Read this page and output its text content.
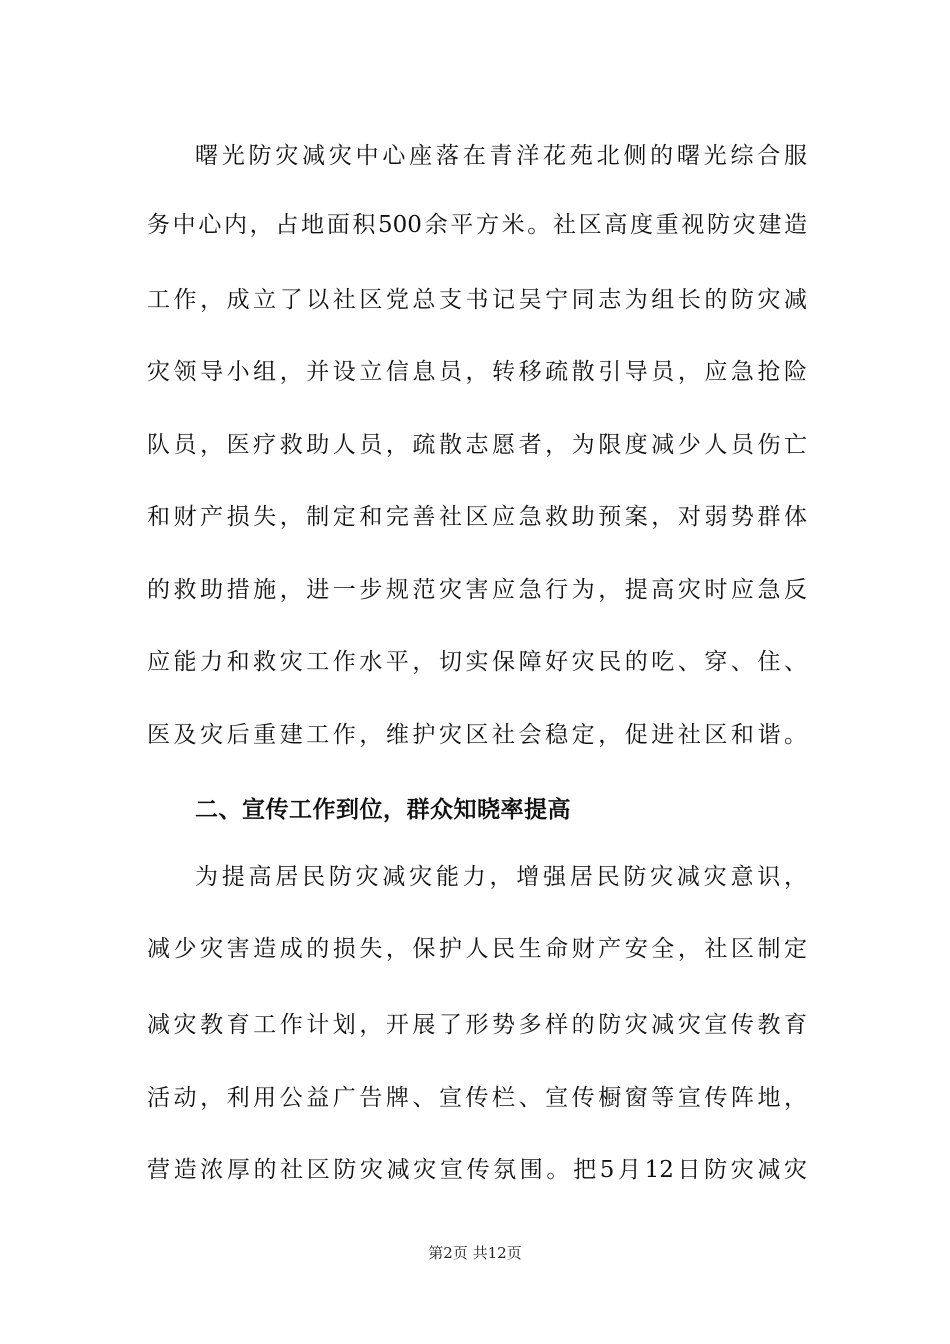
曙光防灾减灾中心座落在青洋花苑北侧的曙光综合服
务中心内，占地面积500余平方米。社区高度重视防灾建造
工作，成立了以社区党总支书记吴宁同志为组长的防灾减
灾领导小组，并设立信息员，转移疏散引导员，应急抢险
队员，医疗救助人员，疏散志愿者，为限度减少人员伤亡
和财产损失，制定和完善社区应急救助预案，对弱势群体
的救助措施，进一步规范灾害应急行为，提高灾时应急反
应能力和救灾工作水平，切实保障好灾民的吃、穿、住、
医及灾后重建工作，维护灾区社会稳定，促进社区和谐。
二、宣传工作到位，群众知晓率提高
为提高居民防灾减灾能力，增强居民防灾减灾意识，
减少灾害造成的损失，保护人民生命财产安全，社区制定
减灾教育工作计划，开展了形势多样的防灾减灾宣传教育
活动，利用公益广告牌、宣传栏、宣传橱窗等宣传阵地，
营造浓厚的社区防灾减灾宣传氛围。把5月12日防灾减灾
第2页 共12页
